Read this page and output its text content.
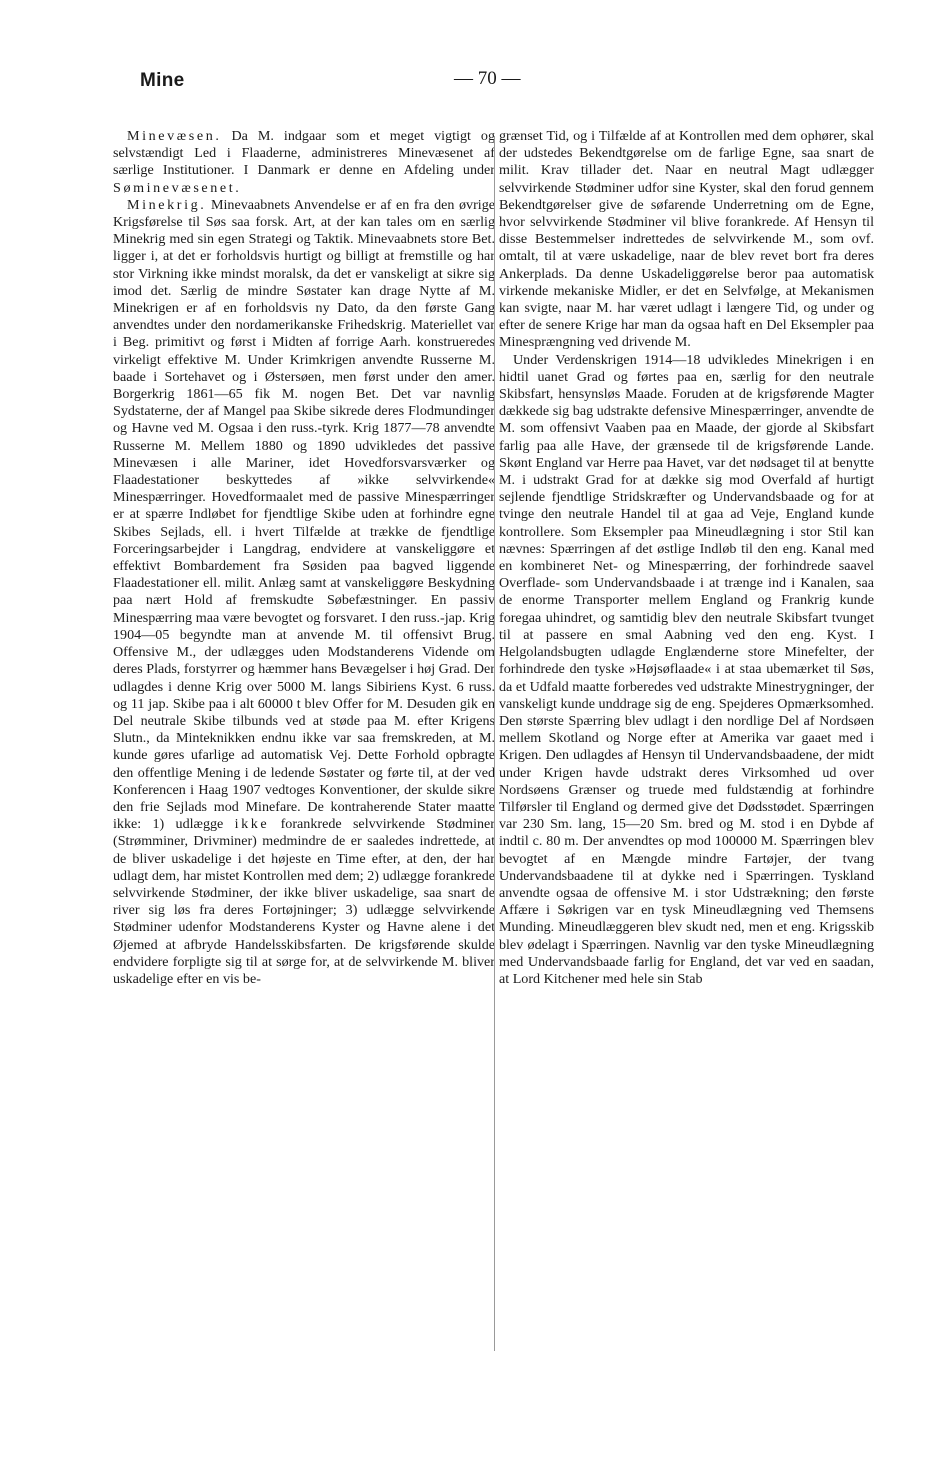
Mine	— 70 —

Minevæsen. Da M. indgaar som et meget vigtigt og selvstændigt Led i Flaaderne, administreres Minevæsenet af særlige Institutioner. I Danmark er denne en Afdeling under Søminevæsenet.

Minekrig. Minevaabnets Anvendelse er af en fra den øvrige Krigsførelse til Søs saa forsk. Art, at der kan tales om en særlig Minekrig med sin egen Strategi og Taktik. Minevaabnets store Bet. ligger i, at det er forholdsvis hurtigt og billigt at fremstille og har stor Virkning ikke mindst moralsk, da det er vanskeligt at sikre sig imod det. Særlig de mindre Søstater kan drage Nytte af M. Minekrigen er af en forholdsvis ny Dato, da den første Gang anvendtes under den nordamerikanske Frihedskrig. Materiellet var i Beg. primitivt og først i Midten af forrige Aarh. konstrueredes virkeligt effektive M. Under Krimkrigen anvendte Russerne M. baade i Sortehavet og i Østersøen, men først under den amer. Borgerkrig 1861—65 fik M. nogen Bet. Det var navnlig Sydstaterne, der af Mangel paa Skibe sikrede deres Flodmundinger og Havne ved M. Ogsaa i den russ.-tyrk. Krig 1877—78 anvendte Russerne M. Mellem 1880 og 1890 udvikledes det passive Minevæsen i alle Mariner, idet Hovedforsvarsværker og Flaadestationer beskyttedes af »ikke selvvirkende« Minespærringer. Hovedformaalet med de passive Minespærringer er at spærre Indløbet for fjendtlige Skibe uden at forhindre egne Skibes Sejlads, ell. i hvert Tilfælde at trække de fjendtlige Forceringsarbejder i Langdrag, endvidere at vanskeliggøre et effektivt Bombardement fra Søsiden paa bagved liggende Flaadestationer ell. milit. Anlæg samt at vanskeliggøre Beskydning paa nært Hold af fremskudte Søbefæstninger. En passiv Minespærring maa være bevogtet og forsvaret. I den russ.-jap. Krig 1904—05 begyndte man at anvende M. til offensivt Brug. Offensive M., der udlægges uden Modstanderens Vidende om deres Plads, forstyrrer og hæmmer hans Bevægelser i høj Grad. Der udlagdes i denne Krig over 5000 M. langs Sibiriens Kyst. 6 russ. og 11 jap. Skibe paa i alt 60000 t blev Offer for M. Desuden gik en Del neutrale Skibe tilbunds ved at støde paa M. efter Krigens Slutn., da Minteknikken endnu ikke var saa fremskreden, at M. kunde gøres ufarlige ad automatisk Vej. Dette Forhold opbragte den offentlige Mening i de ledende Søstater og førte til, at der ved Konferencen i Haag 1907 vedtoges Konventioner, der skulde sikre den frie Sejlads mod Minefare. De kontraherende Stater maatte ikke: 1) udlægge ikke forankrede selvvirkende Stødminer (Strømminer, Drivminer) medmindre de er saaledes indrettede, at de bliver uskadelige i det højeste en Time efter, at den, der har udlagt dem, har mistet Kontrollen med dem; 2) udlægge forankrede selvvirkende Stødminer, der ikke bliver uskadelige, saa snart de river sig løs fra deres Fortøjninger; 3) udlægge selvvirkende Stødminer udenfor Modstanderens Kyster og Havne alene i det Øjemed at afbryde Handelsskibsfarten. De krigsførende skulde endvidere forpligte sig til at sørge for, at de selvvirkende M. bliver uskadelige efter en vis be-

grænset Tid, og i Tilfælde af at Kontrollen med dem ophører, skal der udstedes Bekendtgørelse om de farlige Egne, saa snart de milit. Krav tillader det. Naar en neutral Magt udlægger selvvirkende Stødminer udfor sine Kyster, skal den forud gennem Bekendtgørelser give de søfarende Underretning om de Egne, hvor selvvirkende Stødminer vil blive forankrede. Af Hensyn til disse Bestemmelser indrettedes de selvvirkende M., som ovf. omtalt, til at være uskadelige, naar de blev revet bort fra deres Ankerplads. Da denne Uskadeliggørelse beror paa automatisk virkende mekaniske Midler, er det en Selvfølge, at Mekanismen kan svigte, naar M. har været udlagt i længere Tid, og under og efter de senere Krige har man da ogsaa haft en Del Eksempler paa Minesprængning ved drivende M.

Under Verdenskrigen 1914—18 udvikledes Minekrigen i en hidtil uanet Grad og førtes paa en, særlig for den neutrale Skibsfart, hensynsløs Maade. Foruden at de krigsførende Magter dækkede sig bag udstrakte defensive Minespærringer, anvendte de M. som offensivt Vaaben paa en Maade, der gjorde al Skibsfart farlig paa alle Have, der grænsede til de krigsførende Lande. Skønt England var Herre paa Havet, var det nødsaget til at benytte M. i udstrakt Grad for at dække sig mod Overfald af hurtigt sejlende fjendtlige Stridskræfter og Undervandsbaade og for at tvinge den neutrale Handel til at gaa ad Veje, England kunde kontrollere. Som Eksempler paa Mineudlægning i stor Stil kan nævnes: Spærringen af det østlige Indløb til den eng. Kanal med en kombineret Net- og Minespærring, der forhindrede saavel Overflade- som Undervandsbaade i at trænge ind i Kanalen, saa de enorme Transporter mellem England og Frankrig kunde foregaa uhindret, og samtidig blev den neutrale Skibsfart tvunget til at passere en smal Aabning ved den eng. Kyst. I Helgolandsbugten udlagde Englænderne store Minefelter, der forhindrede den tyske »Højsøflaade« i at staa ubemærket til Søs, da et Udfald maatte forberedes ved udstrakte Minestrygninger, der vanskeligt kunde unddrage sig de eng. Spejderes Opmærksomhed. Den største Spærring blev udlagt i den nordlige Del af Nordsøen mellem Skotland og Norge efter at Amerika var gaaet med i Krigen. Den udlagdes af Hensyn til Undervandsbaadene, der midt under Krigen havde udstrakt deres Virksomhed ud over Nordsøens Grænser og truede med fuldstændig at forhindre Tilførsler til England og dermed give det Dødsstødet. Spærringen var 230 Sm. lang, 15—20 Sm. bred og M. stod i en Dybde af indtil c. 80 m. Der anvendtes op mod 100000 M. Spærringen blev bevogtet af en Mængde mindre Fartøjer, der tvang Undervandsbaadene til at dykke ned i Spærringen. Tyskland anvendte ogsaa de offensive M. i stor Udstrækning; den første Affære i Søkrigen var en tysk Mineudlægning ved Themsens Munding. Mineudlæggeren blev skudt ned, men et eng. Krigsskib blev ødelagt i Spærringen. Navnlig var den tyske Mineudlægning med Undervandsbaade farlig for England, det var ved en saadan, at Lord Kitchener med hele sin Stab
